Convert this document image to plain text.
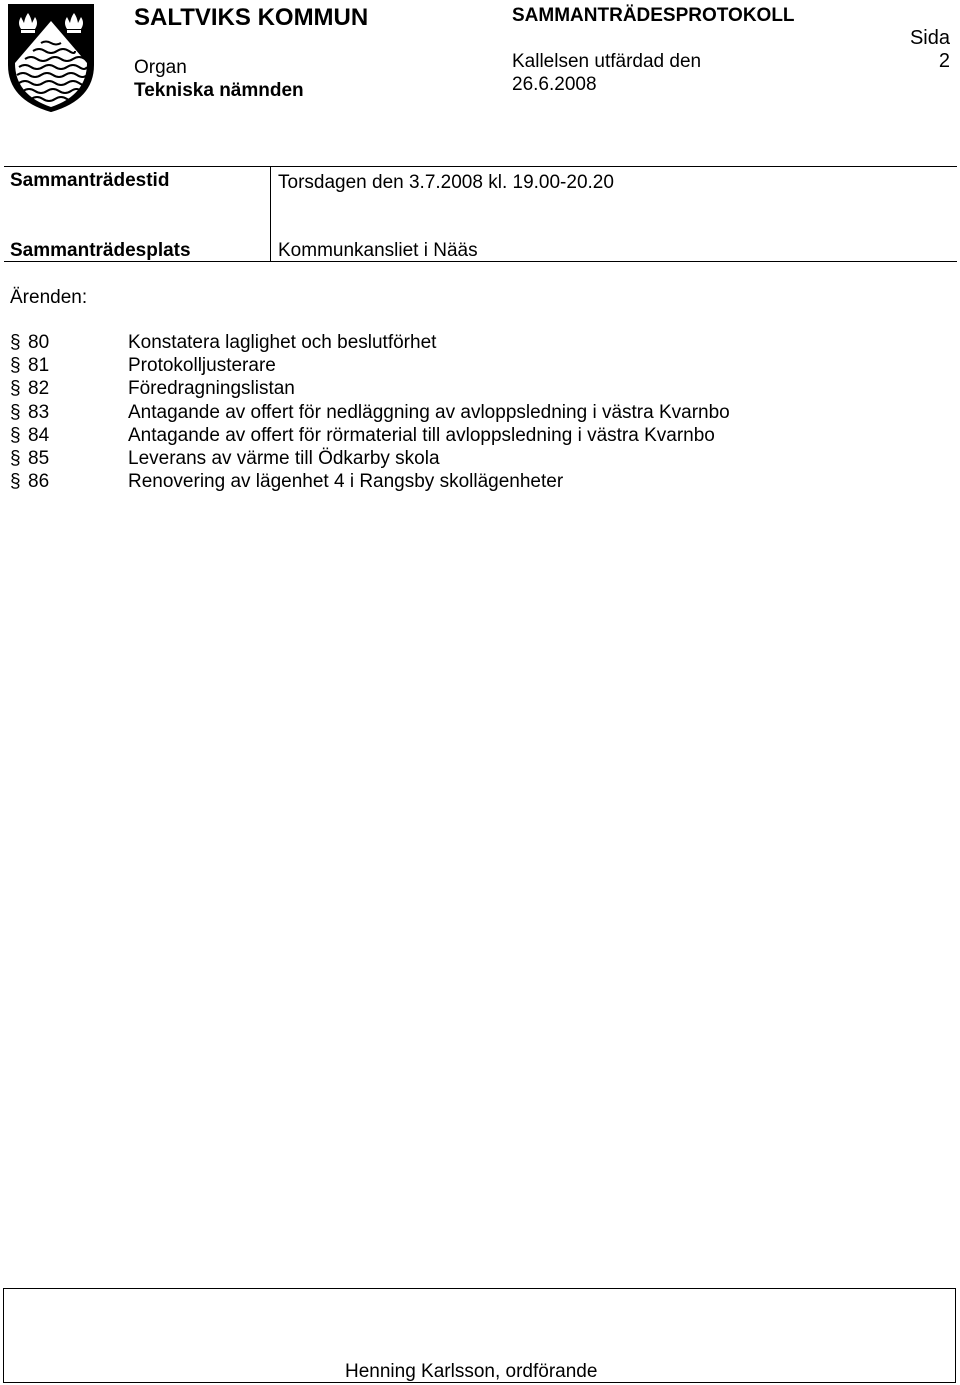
SALTVIKS KOMMUN	SAMMANTRÄDESPROTOKOLL
Organ
Tekniska nämnden
Kallelsen utfärdad den
26.6.2008
Sida
2
Sammanträdestid	Torsdagen den 3.7.2008 kl. 19.00-20.20
Sammanträdesplats	Kommunkansliet i Nääs
Ärenden:
§ 80	Konstatera laglighet och beslutförhet
§ 81	Protokolljusterare
§ 82	Föredragningslistan
§ 83	Antagande av offert för nedläggning av avloppsledning i västra Kvarnbo
§ 84	Antagande av offert för rörmaterial till avloppsledning i västra Kvarnbo
§ 85	Leverans av värme till Ödkarby skola
§ 86	Renovering av lägenhet 4 i Rangsby skollägenheter
Henning Karlsson, ordförande
